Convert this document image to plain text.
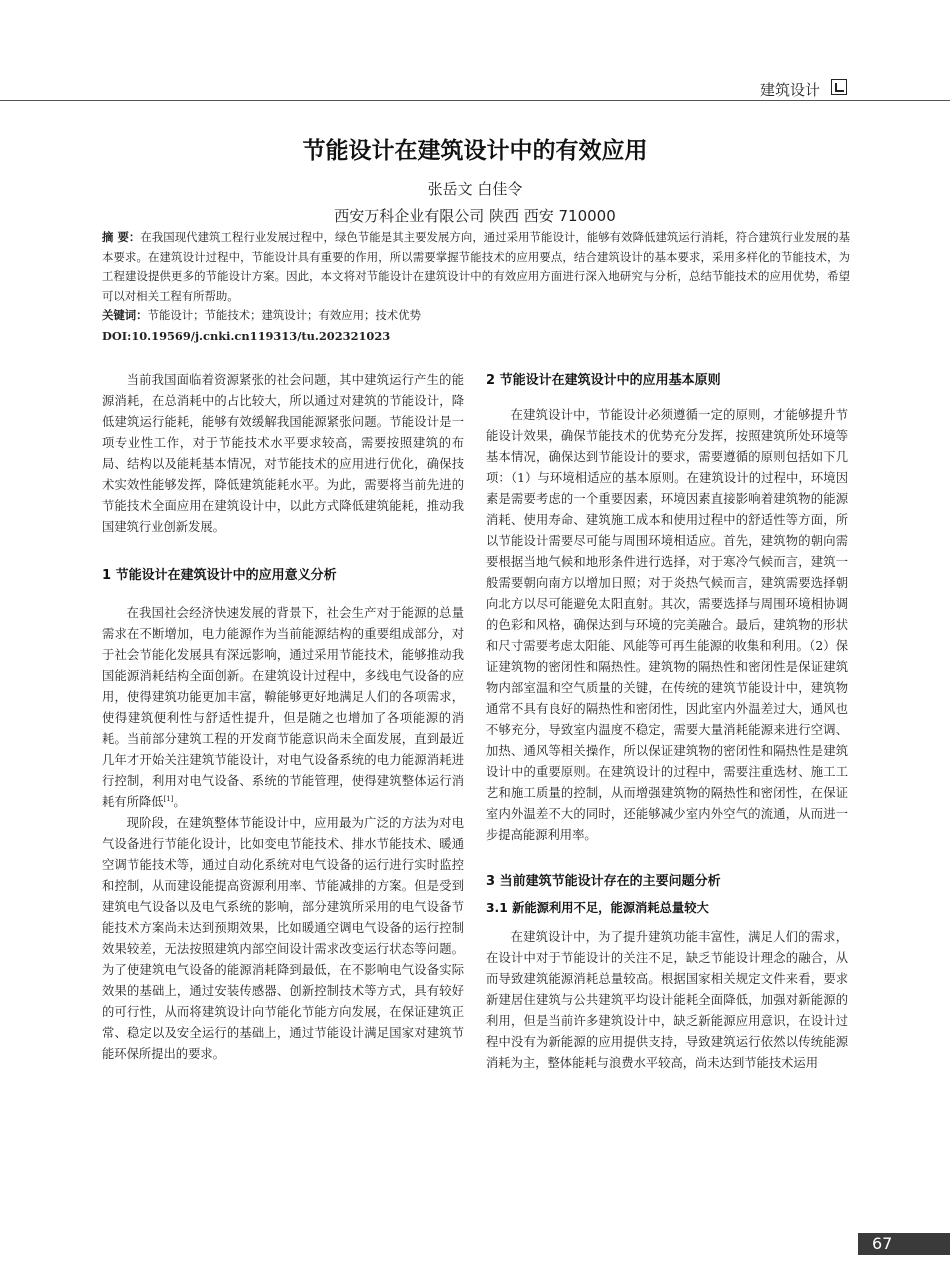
建筑设计
节能设计在建筑设计中的有效应用
张岳文 白佳令
西安万科企业有限公司 陕西 西安 710000
摘 要：在我国现代建筑工程行业发展过程中，绿色节能是其主要发展方向，通过采用节能设计，能够有效降低建筑运行消耗，符合建筑行业发展的基本要求。在建筑设计过程中，节能设计具有重要的作用，所以需要掌握节能技术的应用要点，结合建筑设计的基本要求，采用多样化的节能技术，为工程建设提供更多的节能设计方案。因此，本文将对节能设计在建筑设计中的有效应用方面进行深入地研究与分析，总结节能技术的应用优势，希望可以对相关工程有所帮助。
关键词：节能设计；节能技术；建筑设计；有效应用；技术优势
DOI:10.19569/j.cnki.cn119313/tu.202321023

当前我国面临着资源紧张的社会问题，其中建筑运行产生的能源消耗，在总消耗中的占比较大，所以通过对建筑的节能设计，降低建筑运行能耗，能够有效缓解我国能源紧张问题。节能设计是一项专业性工作，对于节能技术水平要求较高，需要按照建筑的布局、结构以及能耗基本情况，对节能技术的应用进行优化，确保技术实效性能够发挥，降低建筑能耗水平。为此，需要将当前先进的节能技术全面应用在建筑设计中，以此方式降低建筑能耗，推动我国建筑行业创新发展。

1 节能设计在建筑设计中的应用意义分析

在我国社会经济快速发展的背景下，社会生产对于能源的总量需求在不断增加，电力能源作为当前能源结构的重要组成部分，对于社会节能化发展具有深远影响，通过采用节能技术，能够推动我国能源消耗结构全面创新。在建筑设计过程中，多线电气设备的应用，使得建筑功能更加丰富，鞥能够更好地满足人们的各项需求，使得建筑便利性与舒适性提升，但是随之也增加了各项能源的消耗。当前部分建筑工程的开发商节能意识尚未全面发展，直到最近几年才开始关注建筑节能设计，对电气设备系统的电力能源消耗进行控制，利用对电气设备、系统的节能管理，使得建筑整体运行消耗有所降低[1]。

现阶段，在建筑整体节能设计中，应用最为广泛的方法为对电气设备进行节能化设计，比如变电节能技术、排水节能技术、暖通空调节能技术等，通过自动化系统对电气设备的运行进行实时监控和控制，从而建设能提高资源利用率、节能减排的方案。但是受到建筑电气设备以及电气系统的影响，部分建筑所采用的电气设备节能技术方案尚未达到预期效果，比如暖通空调电气设备的运行控制效果较差，无法按照建筑内部空间设计需求改变运行状态等问题。为了使建筑电气设备的能源消耗降到最低，在不影响电气设备实际效果的基础上，通过安装传感器、创新控制技术等方式，具有较好的可行性，从而将建筑设计向节能化节能方向发展，在保证建筑正常、稳定以及安全运行的基础上，通过节能设计满足国家对建筑节能环保所提出的要求。

2 节能设计在建筑设计中的应用基本原则

在建筑设计中，节能设计必须遵循一定的原则，才能够提升节能设计效果，确保节能技术的优势充分发挥，按照建筑所处环境等基本情况，确保达到节能设计的要求，需要遵循的原则包括如下几项：（1）与环境相适应的基本原则。在建筑设计的过程中，环境因素是需要考虑的一个重要因素，环境因素直接影响着建筑物的能源消耗、使用寿命、建筑施工成本和使用过程中的舒适性等方面，所以节能设计需要尽可能与周围环境相适应。首先，建筑物的朝向需要根据当地气候和地形条件进行选择，对于寒冷气候而言，建筑一般需要朝向南方以增加日照；对于炎热气候而言，建筑需要选择朝向北方以尽可能避免太阳直射。其次，需要选择与周围环境相协调的色彩和风格，确保达到与环境的完美融合。最后，建筑物的形状和尺寸需要考虑太阳能、风能等可再生能源的收集和利用。（2）保证建筑物的密闭性和隔热性。建筑物的隔热性和密闭性是保证建筑物内部室温和空气质量的关键，在传统的建筑节能设计中，建筑物通常不具有良好的隔热性和密闭性，因此室内外温差过大，通风也不够充分，导致室内温度不稳定，需要大量消耗能源来进行空调、加热、通风等相关操作，所以保证建筑物的密闭性和隔热性是建筑设计中的重要原则。在建筑设计的过程中，需要注重选材、施工工艺和施工质量的控制，从而增强建筑物的隔热性和密闭性，在保证室内外温差不大的同时，还能够减少室内外空气的流通，从而进一步提高能源利用率。

3 当前建筑节能设计存在的主要问题分析
3.1 新能源利用不足，能源消耗总量较大

在建筑设计中，为了提升建筑功能丰富性，满足人们的需求，在设计中对于节能设计的关注不足，缺乏节能设计理念的融合，从而导致建筑能源消耗总量较高。根据国家相关规定文件来看，要求新建居住建筑与公共建筑平均设计能耗全面降低，加强对新能源的利用，但是当前许多建筑设计中，缺乏新能源应用意识，在设计过程中没有为新能源的应用提供支持，导致建筑运行依然以传统能源消耗为主，整体能耗与浪费水平较高，尚未达到节能技术运用

67
